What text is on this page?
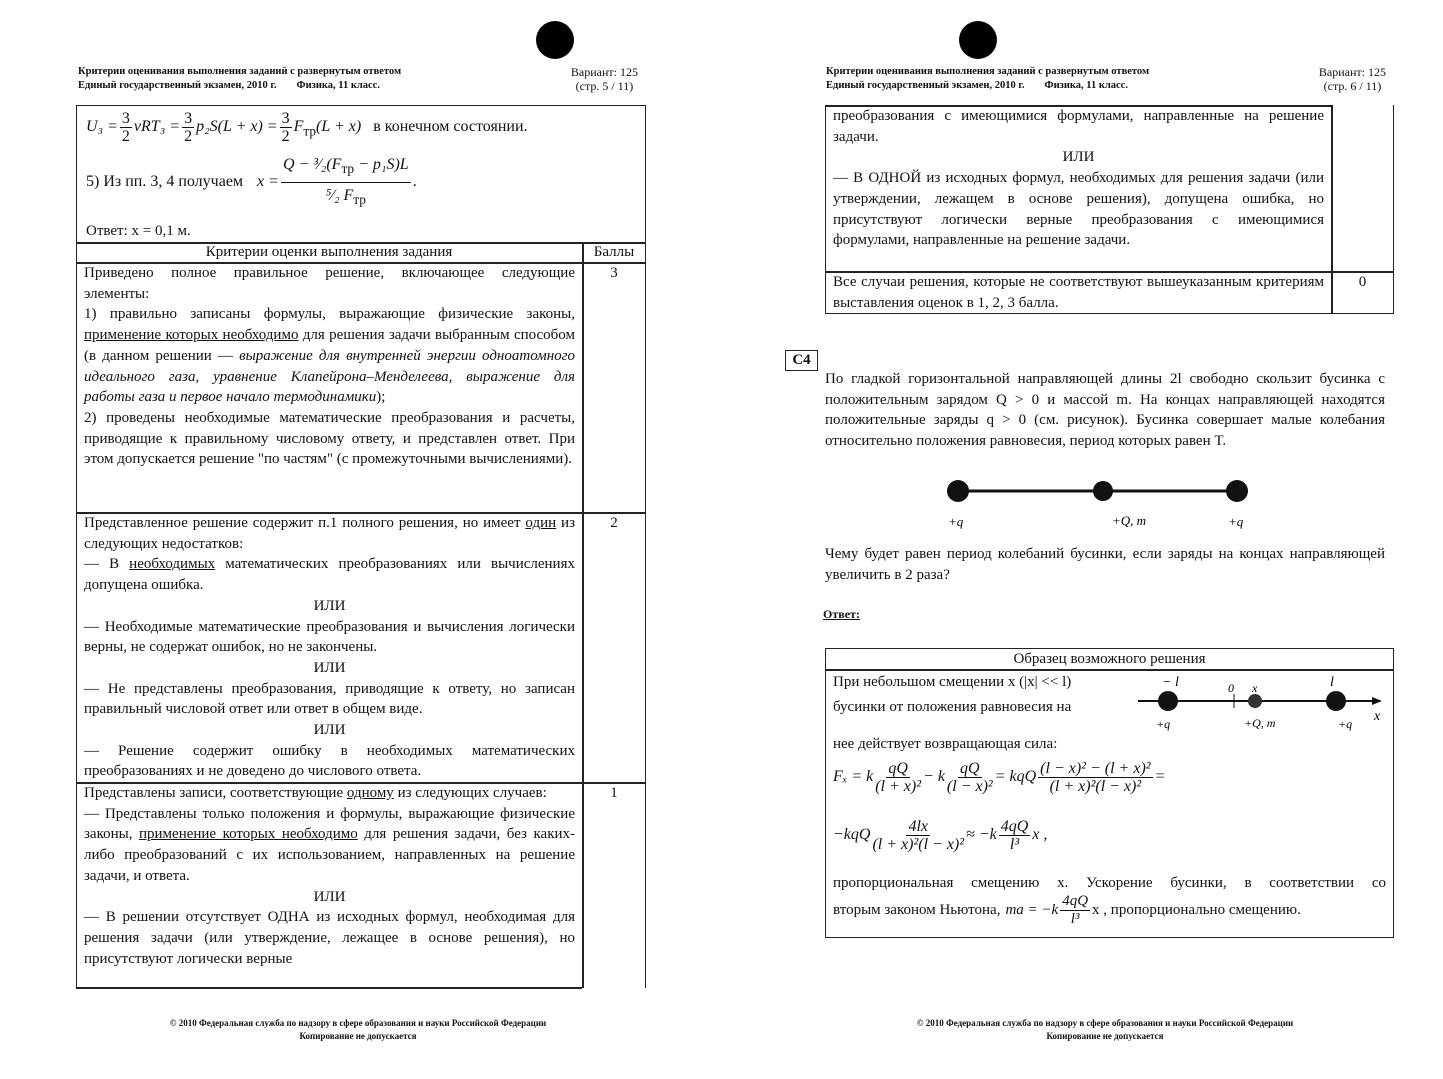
Критерии оценивания выполнения заданий с развернутым ответом
Единый государственный экзамен, 2010 г. Физика, 11 класс.
Вариант: 125
(стр. 5 / 11)
$U_3 = \frac{3}{2} \nu RT_3 = \frac{3}{2} p_2S(L + x) = \frac{3}{2} F_{тр}(L + x)$ в конечном состоянии.
5) Из пп. 3, 4 получаем $x = \frac{Q - ^3⁄_2(F_{тр} - p_1S)L}{^5⁄_2 F_{тр}}$ .
Ответ: x = 0,1 м.
Критерии оценки выполнения задания	Баллы
Приведено полное правильное решение, включающее следующие элементы:
1) правильно записаны формулы, выражающие физические законы, применение которых необходимо для решения задачи выбранным способом (в данном решении — выражение для внутренней энергии одноатомного идеального газа, уравнение Клапейрона–Менделеева, выражение для работы газа и первое начало термодинамики);
2) проведены необходимые математические преобразования и расчеты, приводящие к правильному числовому ответу, и представлен ответ. При этом допускается решение "по частям" (с промежуточными вычислениями).
3
Представленное решение содержит п.1 полного решения, но имеет один из следующих недостатков:
— В необходимых математических преобразованиях или вычислениях допущена ошибка.
ИЛИ
— Необходимые математические преобразования и вычисления логически верны, не содержат ошибок, но не закончены.
ИЛИ
— Не представлены преобразования, приводящие к ответу, но записан правильный числовой ответ или ответ в общем виде.
ИЛИ
— Решение содержит ошибку в необходимых математических преобразованиях и не доведено до числового ответа.
2
Представлены записи, соответствующие одному из следующих случаев:
— Представлены только положения и формулы, выражающие физические законы, применение которых необходимо для решения задачи, без каких-либо преобразований с их использованием, направленных на решение задачи, и ответа.
ИЛИ
— В решении отсутствует ОДНА из исходных формул, необходимая для решения задачи (или утверждение, лежащее в основе решения), но присутствуют логически верные
1
© 2010 Федеральная служба по надзору в сфере образования и науки Российской Федерации
Копирование не допускается
Критерии оценивания выполнения заданий с развернутым ответом
Единый государственный экзамен, 2010 г. Физика, 11 класс.
Вариант: 125
(стр. 6 / 11)
преобразования с имеющимися формулами, направленные на решение задачи.
ИЛИ
— В ОДНОЙ из исходных формул, необходимых для решения задачи (или утверждении, лежащем в основе решения), допущена ошибка, но присутствуют логически верные преобразования с имеющимися формулами, направленные на решение задачи.
Все случаи решения, которые не соответствуют вышеуказанным критериям выставления оценок в 1, 2, 3 балла.
0
С4
По гладкой горизонтальной направляющей длины 2l свободно скользит бусинка с положительным зарядом Q > 0 и массой m. На концах направляющей находятся положительные заряды q > 0 (см. рисунок). Бусинка совершает малые колебания относительно положения равновесия, период которых равен T.
+q	+Q, m	+q
Чему будет равен период колебаний бусинки, если заряды на концах направляющей увеличить в 2 раза?
Ответ:
Образец возможного решения
При небольшом смещении x (|x| << l)
бусинки от положения равновесия на
− l	0 x	l
x
+q	+Q, m	+q
нее действует возвращающая сила:
Fₓ = k $\frac{qQ}{\text{(l + x)²}} - k \frac{qQ}{\text{(l − x)²}}$ = kqQ $\frac{\text{(l − x)² − (l + x)²}}{\text{(l + x)²(l − x)²}}$ =
$-kqQ \frac{4lx}{\text{(l + x)²(l − x)²}} \approx -k \frac{4qQ}{\text{l³}}$ x ,
пропорциональная смещению x. Ускорение бусинки, в соответствии со
вторым законом Ньютона, ma = $-k \frac{4qQ}{\text{l³}}$ x , пропорционально смещению.
© 2010 Федеральная служба по надзору в сфере образования и науки Российской Федерации
Копирование не допускается
